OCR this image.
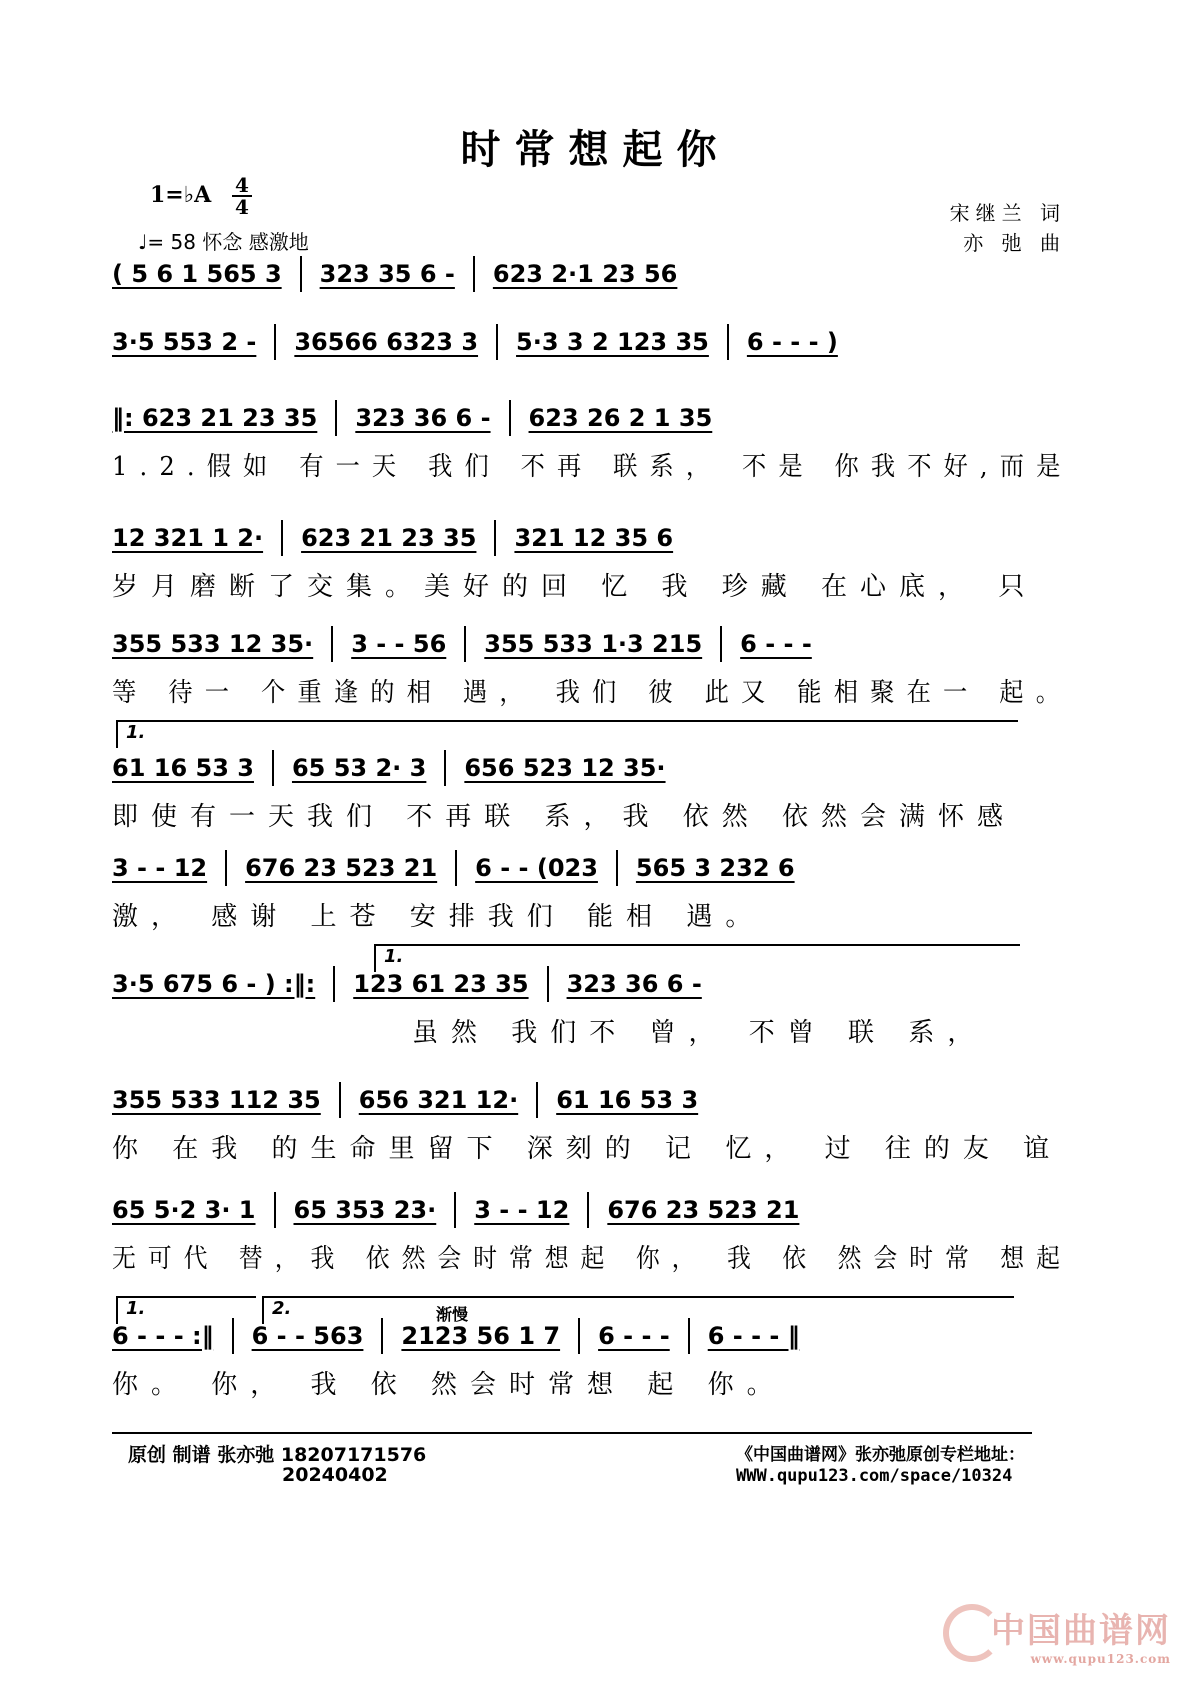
时常想起你
1=♭A 4
4
♩= 58 怀念 感激地
宋继兰 词
亦 弛 曲
( 5 6 1 565 3 323 35 6 - 623 2·1 23 56
3·5 553 2 - 36566 6323 3 5·3 3 2 123 35 6 - - - )
‖: 623 21 23 35 323 36 6 - 623 26 2 1 35
1.2.假如 有一天 我们 不再 联系， 不是 你我不好,而是
12 321 1 2· 623 21 23 35 321 12 35 6
岁月磨断了交集。美好的回 忆 我 珍藏 在心底， 只
355 533 12 35· 3 - - 56 355 533 1·3 215 6 - - -
等 待一 个重逢的相 遇， 我们 彼 此又 能相聚在一 起。
61 16 53 3 65 53 2· 3 656 523 12 35·
即使有一天我们 不再联 系，我 依然 依然会满怀感
3 - - 12 676 23 523 21 6 - - (023 565 3 232 6
激， 感谢 上苍 安排我们 能相 遇。
3·5 675 6 - ) :‖: 123 61 23 35 323 36 6 -
虽然 我们不 曾， 不曾 联 系，
355 533 112 35 656 321 12· 61 16 53 3
你 在我 的生命里留下 深刻的 记 忆， 过 往的友 谊
65 5·2 3· 1 65 353 23· 3 - - 12 676 23 523 21
无可代 替，我 依然会时常想起 你， 我 依 然会时常 想起
6 - - - :‖ 6 - - 563 2123 56 1 7 6 - - - 6 - - - ‖
你。 你， 我 依 然会时常想 起 你。
1.
1.
1.
2.	渐慢
原创 制谱 张亦弛 18207171576
20240402
《中国曲谱网》张亦弛原创专栏地址：
WWW.qupu123.com/space/10324
中国曲谱网
www.qupu123.com
